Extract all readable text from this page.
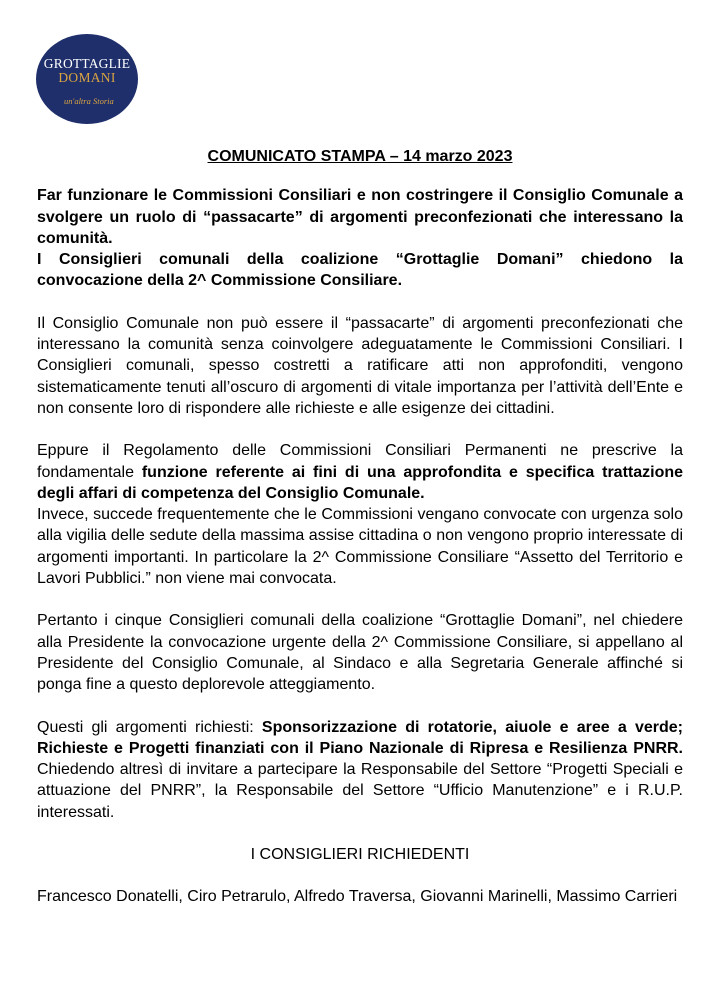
GROTTAGLIE
DOMANI
un'altra Storia
COMUNICATO STAMPA – 14 marzo 2023

Far funzionare le Commissioni Consiliari e non costringere il Consiglio Comunale a svolgere un ruolo di “passacarte” di argomenti preconfezionati che interessano la comunità.
I Consiglieri comunali della coalizione “Grottaglie Domani” chiedono la convocazione della 2^ Commissione Consiliare.

Il Consiglio Comunale non può essere il “passacarte” di argomenti preconfezionati che interessano la comunità senza coinvolgere adeguatamente le Commissioni Consiliari. I Consiglieri comunali, spesso costretti a ratificare atti non approfonditi, vengono sistematicamente tenuti all’oscuro di argomenti di vitale importanza per l’attività dell’Ente e non consente loro di rispondere alle richieste e alle esigenze dei cittadini.

Eppure il Regolamento delle Commissioni Consiliari Permanenti ne prescrive la fondamentale funzione referente ai fini di una approfondita e specifica trattazione degli affari di competenza del Consiglio Comunale.
Invece, succede frequentemente che le Commissioni vengano convocate con urgenza solo alla vigilia delle sedute della massima assise cittadina o non vengono proprio interessate di argomenti importanti. In particolare la 2^ Commissione Consiliare “Assetto del Territorio e Lavori Pubblici.” non viene mai convocata.

Pertanto i cinque Consiglieri comunali della coalizione “Grottaglie Domani”, nel chiedere alla Presidente la convocazione urgente della 2^ Commissione Consiliare, si appellano al Presidente del Consiglio Comunale, al Sindaco e alla Segretaria Generale affinché si ponga fine a questo deplorevole atteggiamento.

Questi gli argomenti richiesti: Sponsorizzazione di rotatorie, aiuole e aree a verde; Richieste e Progetti finanziati con il Piano Nazionale di Ripresa e Resilienza PNRR. Chiedendo altresì di invitare a partecipare la Responsabile del Settore “Progetti Speciali e attuazione del PNRR”, la Responsabile del Settore “Ufficio Manutenzione” e i R.U.P. interessati.

I CONSIGLIERI RICHIEDENTI

Francesco Donatelli, Ciro Petrarulo, Alfredo Traversa, Giovanni Marinelli, Massimo Carrieri
